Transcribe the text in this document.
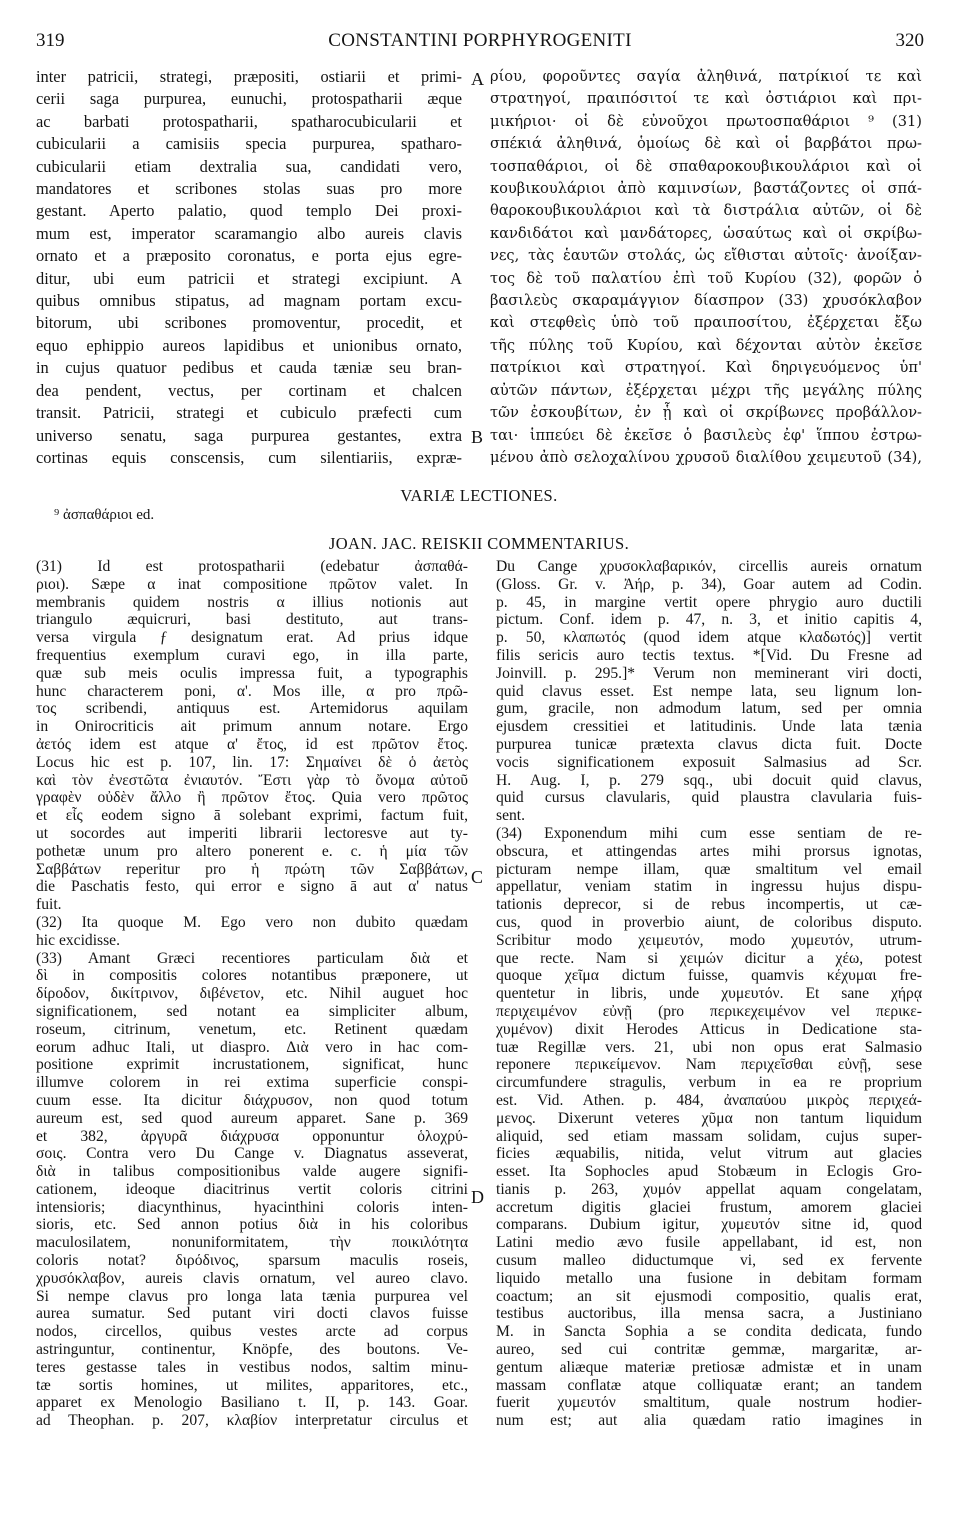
319	CONSTANTINI PORPHYROGENITI	320
inter patricii, strategi, præpositi, ostiarii et primi-
cerii saga purpurea, eunuchi, protospatharii æque
ac barbati protospatharii, spatharocubicularii et
cubicularii a camisiis specia purpurea, spatharo-
cubicularii etiam dextralia sua, candidati vero,
mandatores et scribones stolas suas pro more
gestant. Aperto palatio, quod templo Dei proxi-
mum est, imperator scaramangio albo aureis clavis
ornato et a præposito coronatus, e porta ejus egre-
ditur, ubi eum patricii et strategi excipiunt. A
quibus omnibus stipatus, ad magnam portam excu-
bitorum, ubi scribones promoventur, procedit, et
equo ephippio aureos lapidibus et unionibus ornato,
in cujus quatuor pedibus et cauda tæniæ seu bran-
dea pendent, vectus, per cortinam et chalcen
transit. Patricii, strategi et cubiculo præfecti cum
universo senatu, saga purpurea gestantes, extra
cortinas equis conscensis, cum silentiariis, expræ-
ρίου, φοροῦντες σαγία ἀληθινά, πατρίκιοί τε καὶ
στρατηγοί, πραιπόσιτοί τε καὶ ὀστιάριοι καὶ πρι-
μικήριοι· οἱ δὲ εὐνοῦχοι πρωτοσπαθάριοι ⁹ (31)
σπέκιά ἀληθινά, ὁμοίως δὲ καὶ οἱ βαρβάτοι πρω-
τοσπαθάριοι, οἱ δὲ σπαθαροκουβικουλάριοι καὶ οἱ
κουβικουλάριοι ἀπὸ καμινσίων, βαστάζοντες οἱ σπά-
θαροκουβικουλάριοι καὶ τὰ διστράλια αὐτῶν, οἱ δὲ
κανδιδάτοι καὶ μανδάτορες, ὡσαύτως καὶ οἱ σκρίβω-
νες, τὰς ἑαυτῶν στολάς, ὡς εἴθισται αὐτοῖς· ἀνοίξαν-
τος δὲ τοῦ παλατίου ἐπὶ τοῦ Κυρίου (32), φορῶν ὁ
βασιλεὺς σκαραμάγγιον δίασπρον (33) χρυσόκλαβον
καὶ στεφθεὶς ὑπὸ τοῦ πραιποσίτου, ἐξέρχεται ἔξω
τῆς πύλης τοῦ Κυρίου, καὶ δέχονται αὐτὸν ἐκεῖσε
πατρίκιοι καὶ στρατηγοί. Καὶ δηριγευόμενος ὑπ'
αὐτῶν πάντων, ἐξέρχεται μέχρι τῆς μεγάλης πύλης
τῶν ἐσκουβίτων, ἐν ᾗ καὶ οἱ σκρίβωνες προβάλλον-
ται· ἱππεύει δὲ ἐκεῖσε ὁ βασιλεὺς ἐφ' ἵππου ἐστρω-
μένου ἀπὸ σελοχαλίνου χρυσοῦ διαλίθου χειμευτοῦ (34),
A
B
C
D
VARIÆ LECTIONES.
⁹ ἀσπαθάριοι ed.
JOAN. JAC. REISKII COMMENTARIUS.
(31) Id est protospatharii (edebatur ἀσπαθά-
ριοι). Sæpe α inat compositione πρῶτον valet. In
membranis quidem nostris α illius notionis aut
triangulo æquicruri, basi destituto, aut trans-
versa virgula ƒ designatum erat. Ad prius idque
frequentius exemplum curavi ego, in illa parte,
quæ sub meis oculis impressa fuit, a typographis
hunc characterem poni, α'. Mos ille, α pro πρῶ-
τος scribendi, antiquus est. Artemidorus aquilam
in Onirocriticis ait primum annum notare. Ergo
ἀετός idem est atque α' ἔτος, id est πρῶτον ἔτος.
Locus hic est p. 107, lin. 17: Σημαίνει δὲ ὁ ἀετὸς
καὶ τὸν ἐνεστῶτα ἐνιαυτόν. Ἔστι γὰρ τὸ ὄνομα αὐτοῦ
γραφὲν οὐδὲν ἄλλο ἢ πρῶτον ἔτος. Quia vero πρῶτος
et εἷς eodem signo ā solebant exprimi, factum fuit,
ut socordes aut imperiti librarii lectoresve aut ty-
pothetæ unum pro altero ponerent e. c. ἡ μία τῶν
Σαββάτων reperitur pro ἡ πρώτη τῶν Σαββάτων,
die Paschatis festo, qui error e signo ā aut α' natus
fuit.
(32) Ita quoque M. Ego vero non dubito quædam
hic excidisse.
(33) Amant Græci recentiores particulam διὰ et
δὶ in compositis colores notantibus præponere, ut
δίροδον, δικίτρινον, διβένετον, etc. Nihil auguet hoc
significationem, sed notant ea simpliciter album,
roseum, citrinum, venetum, etc. Retinent quædam
eorum adhuc Itali, ut diaspro. Διὰ vero in hac com-
positione exprimit incrustationem, significat, hunc
illumve colorem in rei extima superficie conspi-
cuum esse. Ita dicitur διάχρυσον, non quod totum
aureum est, sed quod aureum apparet. Sane p. 369
et 382, ἀργυρᾶ διάχρυσα opponuntur ὁλοχρύ-
σοις. Contra vero Du Cange v. Diagnatus asseverat,
διὰ in talibus compositionibus valde augere signifi-
cationem, ideoque diacitrinus vertit coloris citrini
intensioris; diacynthinus, hyacinthini coloris inten-
sioris, etc. Sed annon potius διὰ in his coloribus
maculosilatem, nonuniformitatem, τὴν ποικιλότητα
coloris notat? διρόδινος, sparsum maculis roseis,
χρυσόκλαβον, aureis clavis ornatum, vel aureo clavo.
Si nempe clavus pro longa lata tænia purpurea vel
aurea sumatur. Sed putant viri docti clavos fuisse
nodos, circellos, quibus vestes arcte ad corpus
astringuntur, continentur, Knöpfe, des boutons. Ve-
teres gestasse tales in vestibus nodos, saltim minu-
tæ sortis homines, ut milites, apparitores, etc.,
apparet ex Menologio Basiliano t. II, p. 143. Goar.
ad Theophan. p. 207, κλαβίον interpretatur circulus et
Du Cange χρυσοκλαβαρικόν, circellis aureis ornatum
(Gloss. Gr. v. Ἀήρ, p. 34), Goar autem ad Codin.
p. 45, in margine vertit opere phrygio auro ductili
pictum. Conf. idem p. 47, n. 3, et initio capitis 4,
p. 50, κλαπωτός (quod idem atque κλαδωτός)] vertit
filis sericis auro tectis textus. *[Vid. Du Fresne ad
Joinvill. p. 295.]* Verum non meminerant viri docti,
quid clavus esset. Est nempe lata, seu lignum lon-
gum, gracile, non admodum latum, sed per omnia
ejusdem cressitiei et latitudinis. Unde lata tænia
purpurea tunicæ prætexta clavus dicta fuit. Docte
vocis significationem exposuit Salmasius ad Scr.
H. Aug. I, p. 279 sqq., ubi docuit quid clavus,
quid cursus clavularis, quid plaustra clavularia fuis-
sent.
(34) Exponendum mihi cum esse sentiam de re-
obscura, et attingendas artes mihi prorsus ignotas,
picturam nempe illam, quæ smaltitum vel email
appellatur, veniam statim in ingressu hujus dispu-
tationis deprecor, si de rebus incompertis, ut cæ-
cus, quod in proverbio aiunt, de coloribus disputo.
Scribitur modo χειμευτόν, modo χυμευτόν, utrum-
que recte. Nam si χειμών dicitur a χέω, potest
quoque χεῖμα dictum fuisse, quamvis κέχυμαι fre-
quentetur in libris, unde χυμευτόν. Et sane χήρᾳ
περιχειμένον εὐνῇ (pro περικεχειμένον vel περικε-
χυμένον) dixit Herodes Atticus in Dedicatione sta-
tuæ Regillæ vers. 21, ubi non opus erat Salmasio
reponere περικείμενον. Nam περιχεῖσθαι εὐνῇ, sese
circumfundere stragulis, verbum in ea re proprium
est. Vid. Athen. p. 484, ἀναπαύου μικρὸς περιχεά-
μενος. Dixerunt veteres χῦμα non tantum liquidum
aliquid, sed etiam massam solidam, cujus super-
ficies æquabilis, nitida, velut vitrum aut glacies
esset. Ita Sophocles apud Stobæum in Eclogis Gro-
tianis p. 263, χυμόν appellat aquam congelatam,
accretum digitis glaciei frustum, amorem glaciei
comparans. Dubium igitur, χυμευτόν sitne id, quod
Latini medio ævo fusile appellabant, id est, non
cusum malleo diductumque vi, sed ex fervente
liquido metallo una fusione in debitam formam
coactum; an sit ejusmodi compositio, qualis erat,
testibus auctoribus, illa mensa sacra, a Justiniano
M. in Sancta Sophia a se condita dedicata, fundo
aureo, sed cui contritæ gemmæ, margaritæ, ar-
gentum aliæque materiæ pretiosæ admistæ et in unam
massam conflatæ atque colliquatæ erant; an tandem
fuerit χυμευτόν smaltitum, quale nostrum hodier-
num est; aut alia quædam ratio imagines in
